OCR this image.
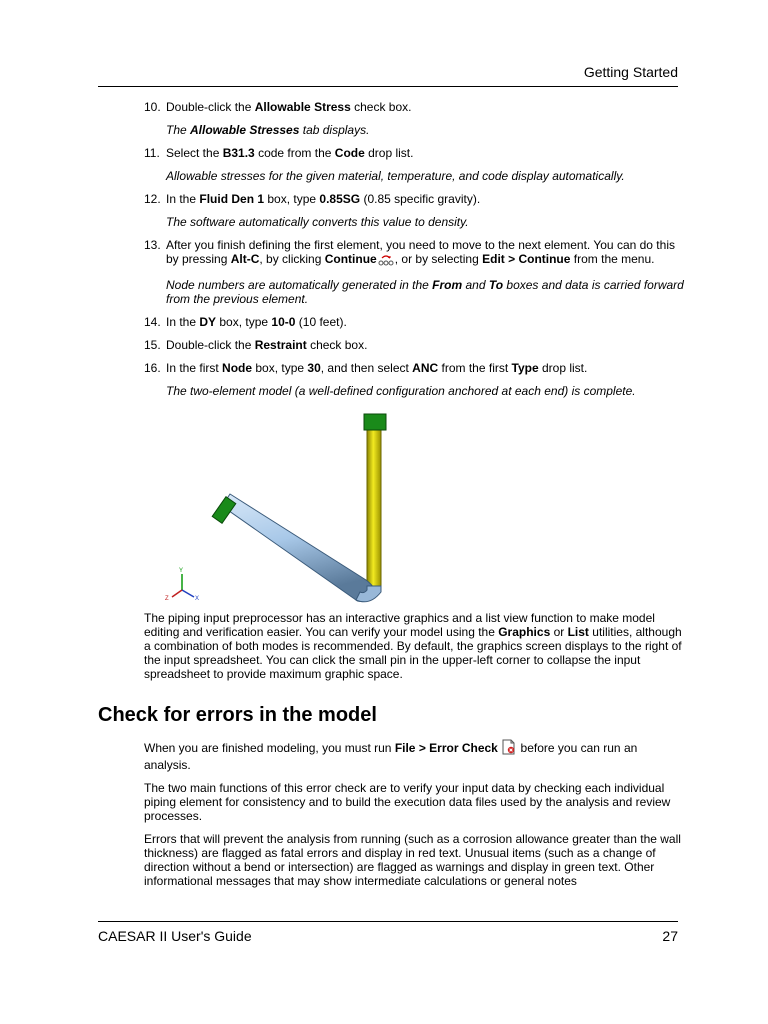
Getting Started
10. Double-click the Allowable Stress check box.
The Allowable Stresses tab displays.
11. Select the B31.3 code from the Code drop list.
Allowable stresses for the given material, temperature, and code display automatically.
12. In the Fluid Den 1 box, type 0.85SG (0.85 specific gravity).
The software automatically converts this value to density.
13. After you finish defining the first element, you need to move to the next element. You can do this by pressing Alt-C, by clicking Continue , or by selecting Edit > Continue from the menu.
Node numbers are automatically generated in the From and To boxes and data is carried forward from the previous element.
14. In the DY box, type 10-0 (10 feet).
15. Double-click the Restraint check box.
16. In the first Node box, type 30, and then select ANC from the first Type drop list.
The two-element model (a well-defined configuration anchored at each end) is complete.
Y
Z	X
The piping input preprocessor has an interactive graphics and a list view function to make model editing and verification easier. You can verify your model using the Graphics or List utilities, although a combination of both modes is recommended. By default, the graphics screen displays to the right of the input spreadsheet. You can click the small pin in the upper-left corner to collapse the input spreadsheet to provide maximum graphic space.
Check for errors in the model

When you are finished modeling, you must run File > Error Check  before you can run an analysis.

The two main functions of this error check are to verify your input data by checking each individual piping element for consistency and to build the execution data files used by the analysis and review processes.

Errors that will prevent the analysis from running (such as a corrosion allowance greater than the wall thickness) are flagged as fatal errors and display in red text. Unusual items (such as a change of direction without a bend or intersection) are flagged as warnings and display in green text. Other informational messages that may show intermediate calculations or general notes

CAESAR II User's Guide	27
